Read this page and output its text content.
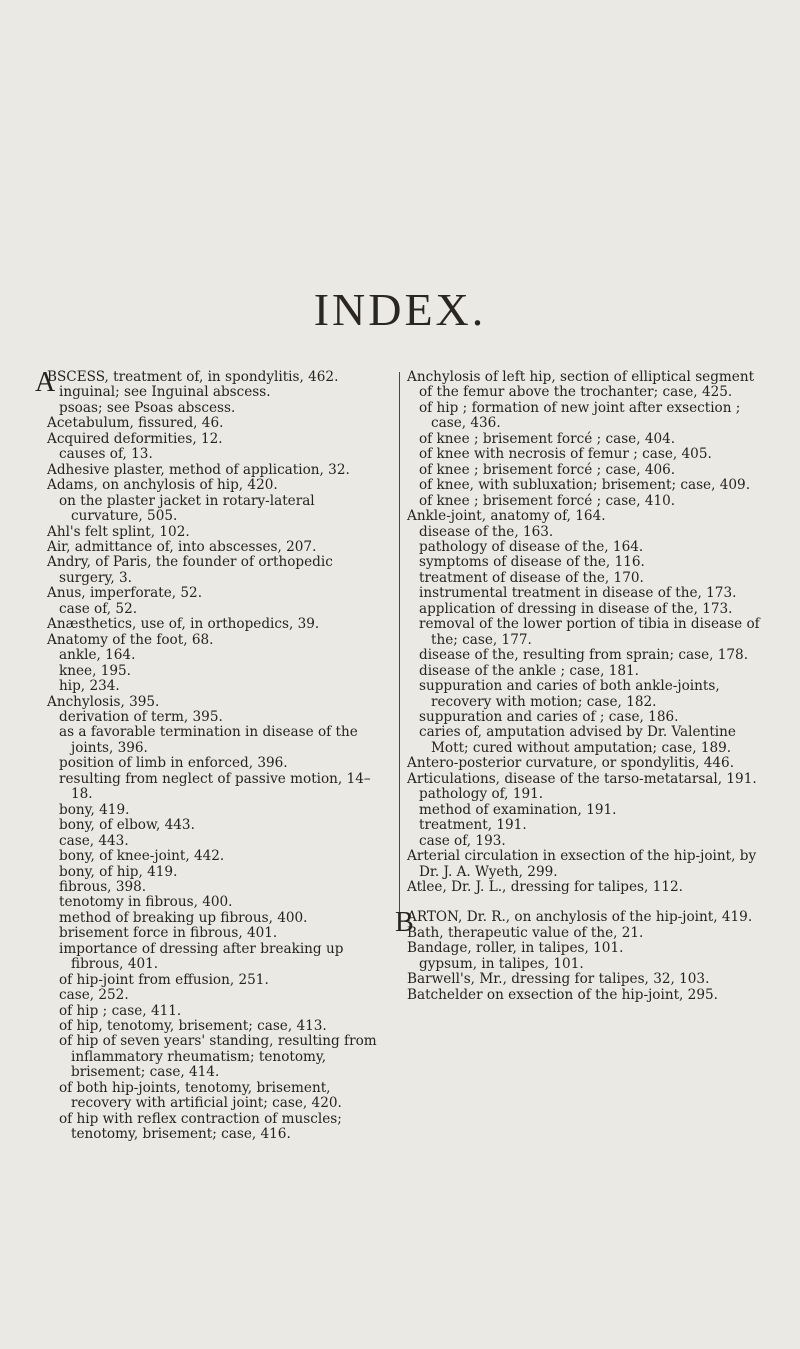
INDEX.

A
BSCESS, treatment of, in spondylitis, 462.

inguinal; see Inguinal abscess.

psoas; see Psoas abscess.

Acetabulum, fissured, 46.

Acquired deformities, 12.

causes of, 13.

Adhesive plaster, method of application, 32.

Adams, on anchylosis of hip, 420.

on the plaster jacket in rotary-lateral curvature, 505.

Ahl's felt splint, 102.

Air, admittance of, into abscesses, 207.

Andry, of Paris, the founder of orthopedic surgery, 3.

Anus, imperforate, 52.

case of, 52.

Anæsthetics, use of, in orthopedics, 39.

Anatomy of the foot, 68.

ankle, 164.

knee, 195.

hip, 234.

Anchylosis, 395.

derivation of term, 395.

as a favorable termination in disease of the joints, 396.

position of limb in enforced, 396.

resulting from neglect of passive motion, 14–18.

bony, 419.

bony, of elbow, 443.

case, 443.

bony, of knee-joint, 442.

bony, of hip, 419.

fibrous, 398.

tenotomy in fibrous, 400.

method of breaking up fibrous, 400.

brisement force in fibrous, 401.

importance of dressing after breaking up fibrous, 401.

of hip-joint from effusion, 251.

case, 252.

of hip ; case, 411.

of hip, tenotomy, brisement; case, 413.

of hip of seven years' standing, resulting from inflammatory rheumatism; tenotomy, brisement; case, 414.

of both hip-joints, tenotomy, brisement, recovery with artificial joint; case, 420.

of hip with reflex contraction of muscles; tenotomy, brisement; case, 416.

Anchylosis of left hip, section of elliptical segment of the femur above the trochanter; case, 425.

of hip ; formation of new joint after exsection ; case, 436.

of knee ; brisement forcé ; case, 404.

of knee with necrosis of femur ; case, 405.

of knee ; brisement forcé ; case, 406.

of knee, with subluxation; brisement; case, 409.

of knee ; brisement forcé ; case, 410.

Ankle-joint, anatomy of, 164.

disease of the, 163.

pathology of disease of the, 164.

symptoms of disease of the, 116.

treatment of disease of the, 170.

instrumental treatment in disease of the, 173.

application of dressing in disease of the, 173.

removal of the lower portion of tibia in disease of the; case, 177.

disease of the, resulting from sprain; case, 178.

disease of the ankle ; case, 181.

suppuration and caries of both ankle-joints, recovery with motion; case, 182.

suppuration and caries of ; case, 186.

caries of, amputation advised by Dr. Valentine Mott; cured without amputation; case, 189.

Antero-posterior curvature, or spondylitis, 446.

Articulations, disease of the tarso-metatarsal, 191.

pathology of, 191.

method of examination, 191.

treatment, 191.

case of, 193.

Arterial circulation in exsection of the hip-joint, by Dr. J. A. Wyeth, 299.

Atlee, Dr. J. L., dressing for talipes, 112.

B
ARTON, Dr. R., on anchylosis of the hip-joint, 419.

Bath, therapeutic value of the, 21.

Bandage, roller, in talipes, 101.

gypsum, in talipes, 101.

Barwell's, Mr., dressing for talipes, 32, 103.

Batchelder on exsection of the hip-joint, 295.
